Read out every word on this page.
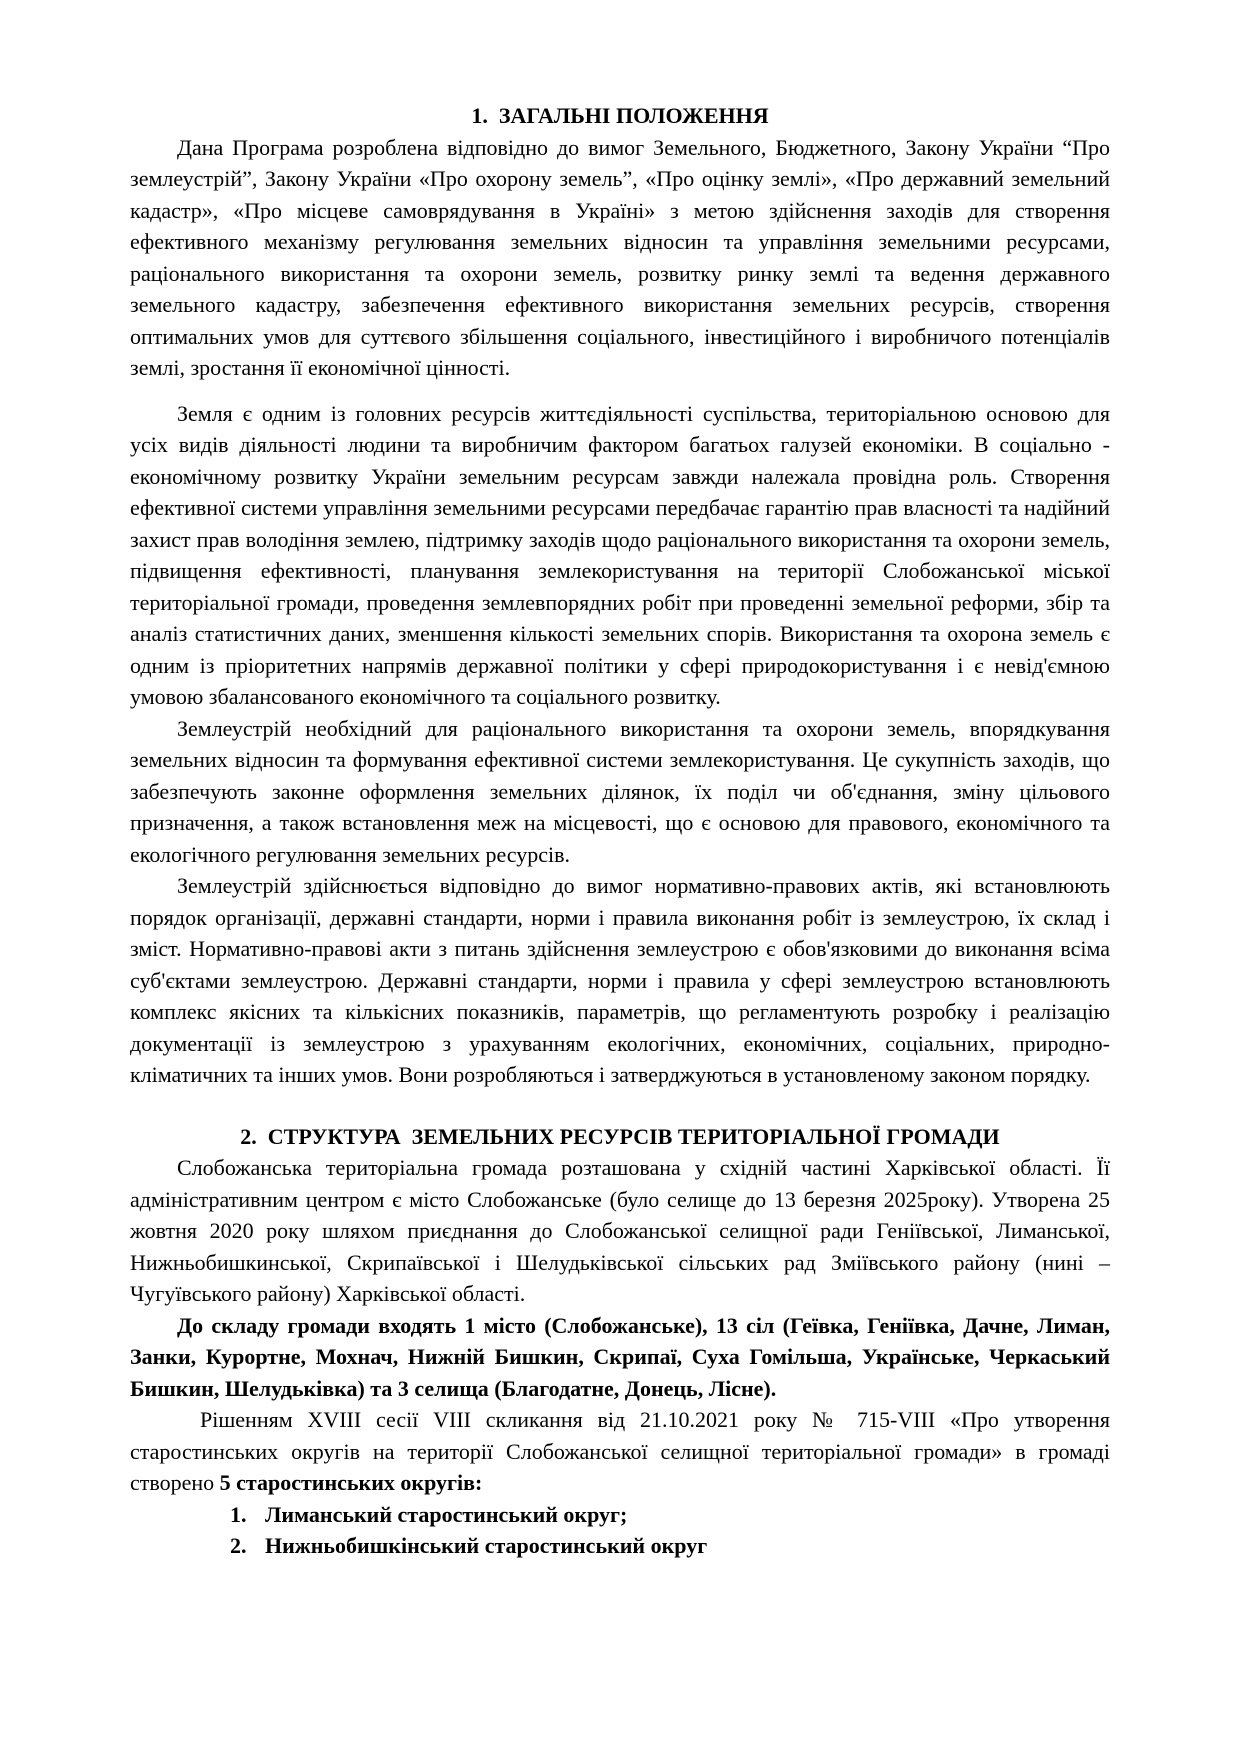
1.  ЗАГАЛЬНІ ПОЛОЖЕННЯ

Дана Програма розроблена відповідно до вимог Земельного, Бюджетного, Закону України “Про землеустрій”, Закону України «Про охорону земель”, «Про оцінку землі», «Про державний земельний кадастр», «Про місцеве самоврядування в Україні» з метою здійснення заходів для створення ефективного механізму регулювання земельних відносин та управління земельними ресурсами, раціонального використання та охорони земель, розвитку ринку землі та ведення державного земельного кадастру, забезпечення ефективного використання земельних ресурсів, створення оптимальних умов для суттєвого збільшення соціального, інвестиційного і виробничого потенціалів землі, зростання її економічної цінності.

Земля є одним із головних ресурсів життєдіяльності суспільства, територіальною основою для усіх видів діяльності людини та виробничим фактором багатьох галузей економіки. В соціально - економічному розвитку України земельним ресурсам завжди належала провідна роль. Створення ефективної системи управління земельними ресурсами передбачає гарантію прав власності та надійний захист прав володіння землею, підтримку заходів щодо раціонального використання та охорони земель, підвищення ефективності, планування землекористування на території Слобожанської міської територіальної громади, проведення землевпорядних робіт при проведенні земельної реформи, збір та аналіз статистичних даних, зменшення кількості земельних спорів. Використання та охорона земель є одним із пріоритетних напрямів державної політики у сфері природокористування і є невід'ємною умовою збалансованого економічного та соціального розвитку.

Землеустрій необхідний для раціонального використання та охорони земель, впорядкування земельних відносин та формування ефективної системи землекористування. Це сукупність заходів, що забезпечують законне оформлення земельних ділянок, їх поділ чи об'єднання, зміну цільового призначення, а також встановлення меж на місцевості, що є основою для правового, економічного та екологічного регулювання земельних ресурсів.

Землеустрій здійснюється відповідно до вимог нормативно-правових актів, які встановлюють порядок організації, державні стандарти, норми і правила виконання робіт із землеустрою, їх склад і зміст. Нормативно-правові акти з питань здійснення землеустрою є обов'язковими до виконання всіма суб'єктами землеустрою. Державні стандарти, норми і правила у сфері землеустрою встановлюють комплекс якісних та кількісних показників, параметрів, що регламентують розробку і реалізацію документації із землеустрою з урахуванням екологічних, економічних, соціальних, природно-кліматичних та інших умов. Вони розробляються і затверджуються в установленому законом порядку.

2.  СТРУКТУРА  ЗЕМЕЛЬНИХ РЕСУРСІВ ТЕРИТОРІАЛЬНОЇ ГРОМАДИ

Слобожанська територіальна громада розташована у східній частині Харківської області. Її адміністративним центром є місто Слобожанське (було селище до 13 березня 2025року). Утворена 25 жовтня 2020 року шляхом приєднання до Слобожанської селищної ради Геніївської, Лиманської, Нижньобишкинської, Скрипаївської і Шелудьківської сільських рад Зміївського району (нині – Чугуївського району) Харківської області.

До складу громади входять 1 місто (Слобожанське), 13 сіл (Геївка, Геніївка, Дачне, Лиман, Занки, Курортне, Мохнач, Нижній Бишкин, Скрипаї, Суха Гомільша, Українське, Черкаський Бишкин, Шелудьківка) та 3 селища (Благодатне, Донець, Лісне).

Рішенням XVIII сесії VIII скликання від 21.10.2021 року № 715-VIII «Про утворення старостинських округів на території Слобожанської селищної територіальної громади» в громаді створено 5 старостинських округів:

1. Лиманський старостинський округ;
2. Нижньобишкінський старостинський округ
